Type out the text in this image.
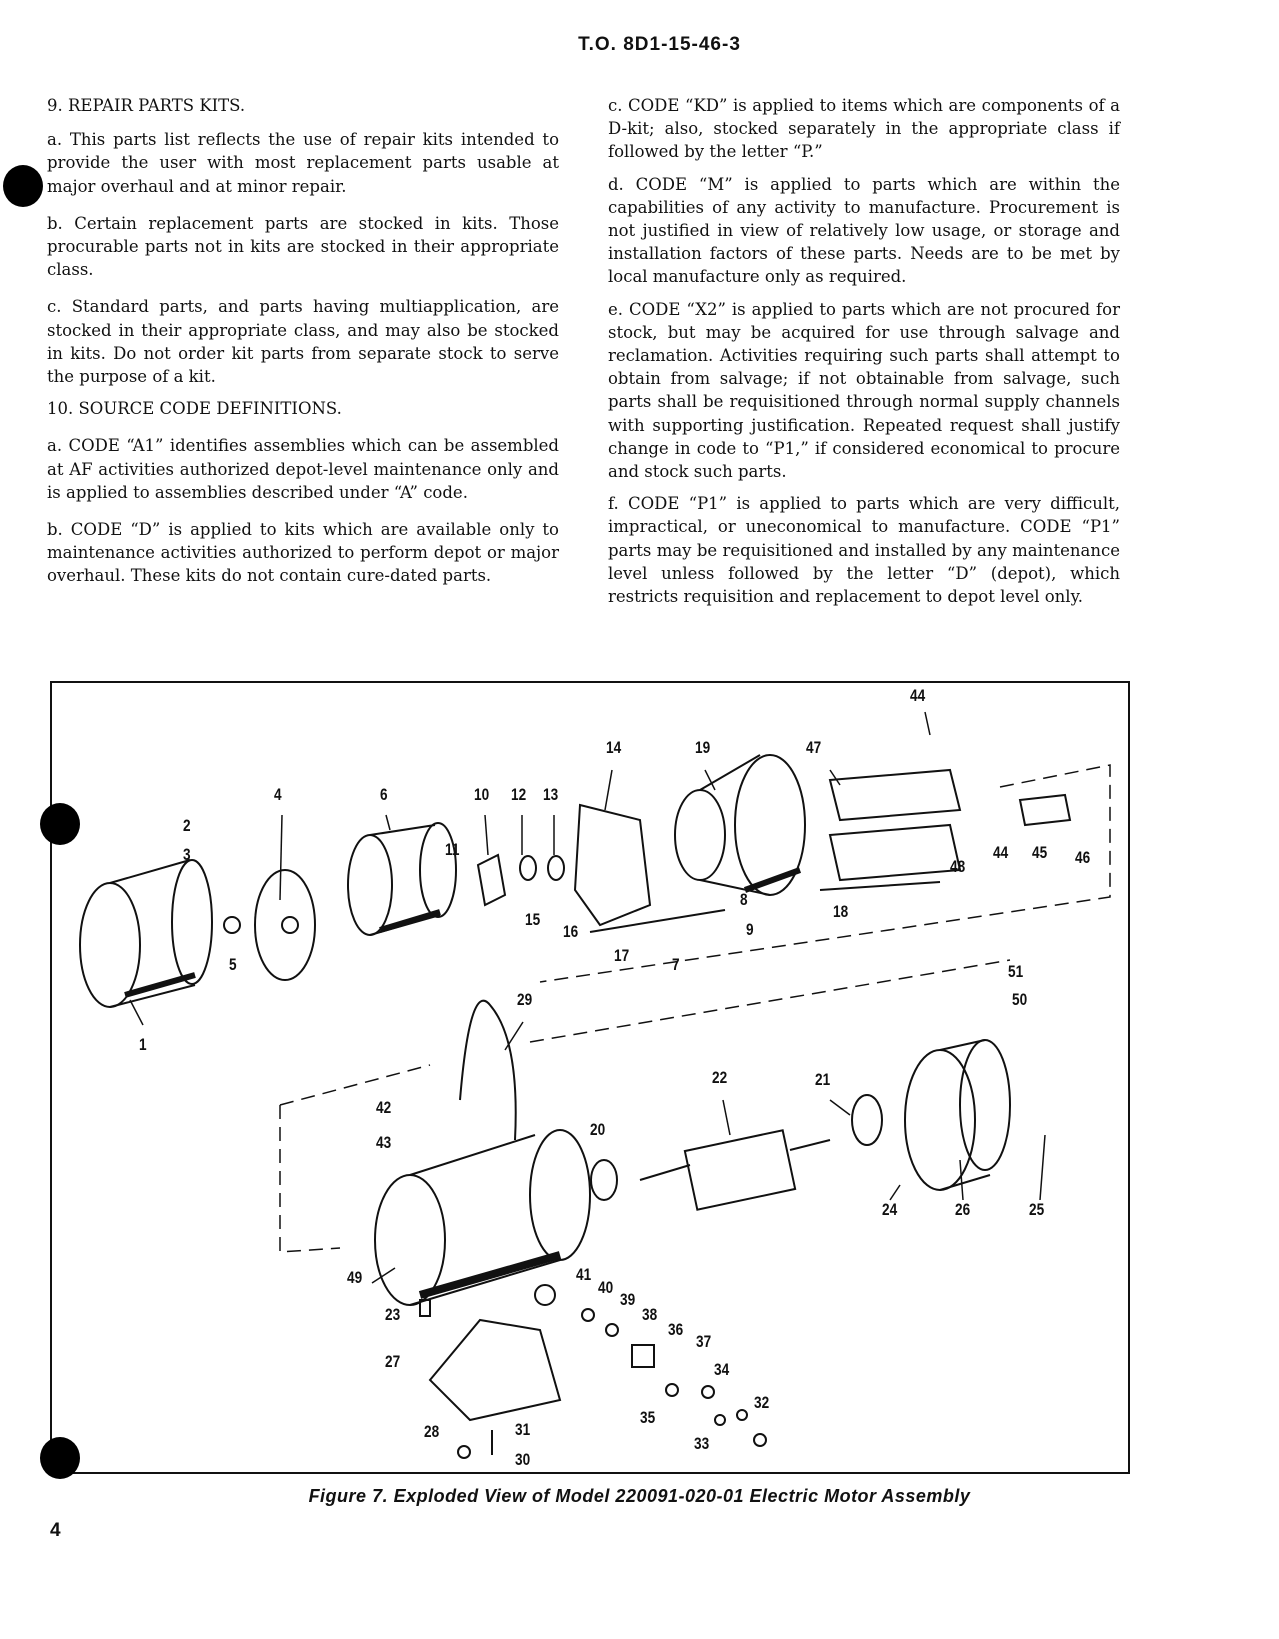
T.O. 8D1-15-46-3

9. REPAIR PARTS KITS.

a. This parts list reflects the use of repair kits intended to provide the user with most replacement parts usable at major overhaul and at minor repair.

b. Certain replacement parts are stocked in kits. Those procurable parts not in kits are stocked in their appropriate class.

c. Standard parts, and parts having multiapplication, are stocked in their appropriate class, and may also be stocked in kits. Do not order kit parts from separate stock to serve the purpose of a kit.

10. SOURCE CODE DEFINITIONS.

a. CODE “A1” identifies assemblies which can be assembled at AF activities authorized depot-level maintenance only and is applied to assemblies described under “A” code.

b. CODE “D” is applied to kits which are available only to maintenance activities authorized to perform depot or major overhaul. These kits do not contain cure-dated parts.

c. CODE “KD” is applied to items which are components of a D-kit; also, stocked separately in the appropriate class if followed by the letter “P.”

d. CODE “M” is applied to parts which are within the capabilities of any activity to manufacture. Procurement is not justified in view of relatively low usage, or storage and installation factors of these parts. Needs are to be met by local manufacture only as required.

e. CODE “X2” is applied to parts which are not procured for stock, but may be acquired for use through salvage and reclamation. Activities requiring such parts shall attempt to obtain from salvage; if not obtainable from salvage, such parts shall be requisitioned through normal supply channels with supporting justification. Repeated request shall justify change in code to “P1,” if considered economical to procure and stock such parts.

f. CODE “P1” is applied to parts which are very difficult, impractical, or uneconomical to manufacture. CODE “P1” parts may be requisitioned and installed by any maintenance level unless followed by the letter “D” (depot), which restricts requisition and replacement to depot level only.

44
14	19	47
4	6	10 12 13
2
3	11
48
44 45 46
8
9
15
16
17	7
18
5
1
51
50
29
22	21
42
43
20
24	26	25
49	41
40
39
38
36
37
34
23
27
32
35
33
28	31
30
Figure 7. Exploded View of Model 220091-020-01 Electric Motor Assembly
4
